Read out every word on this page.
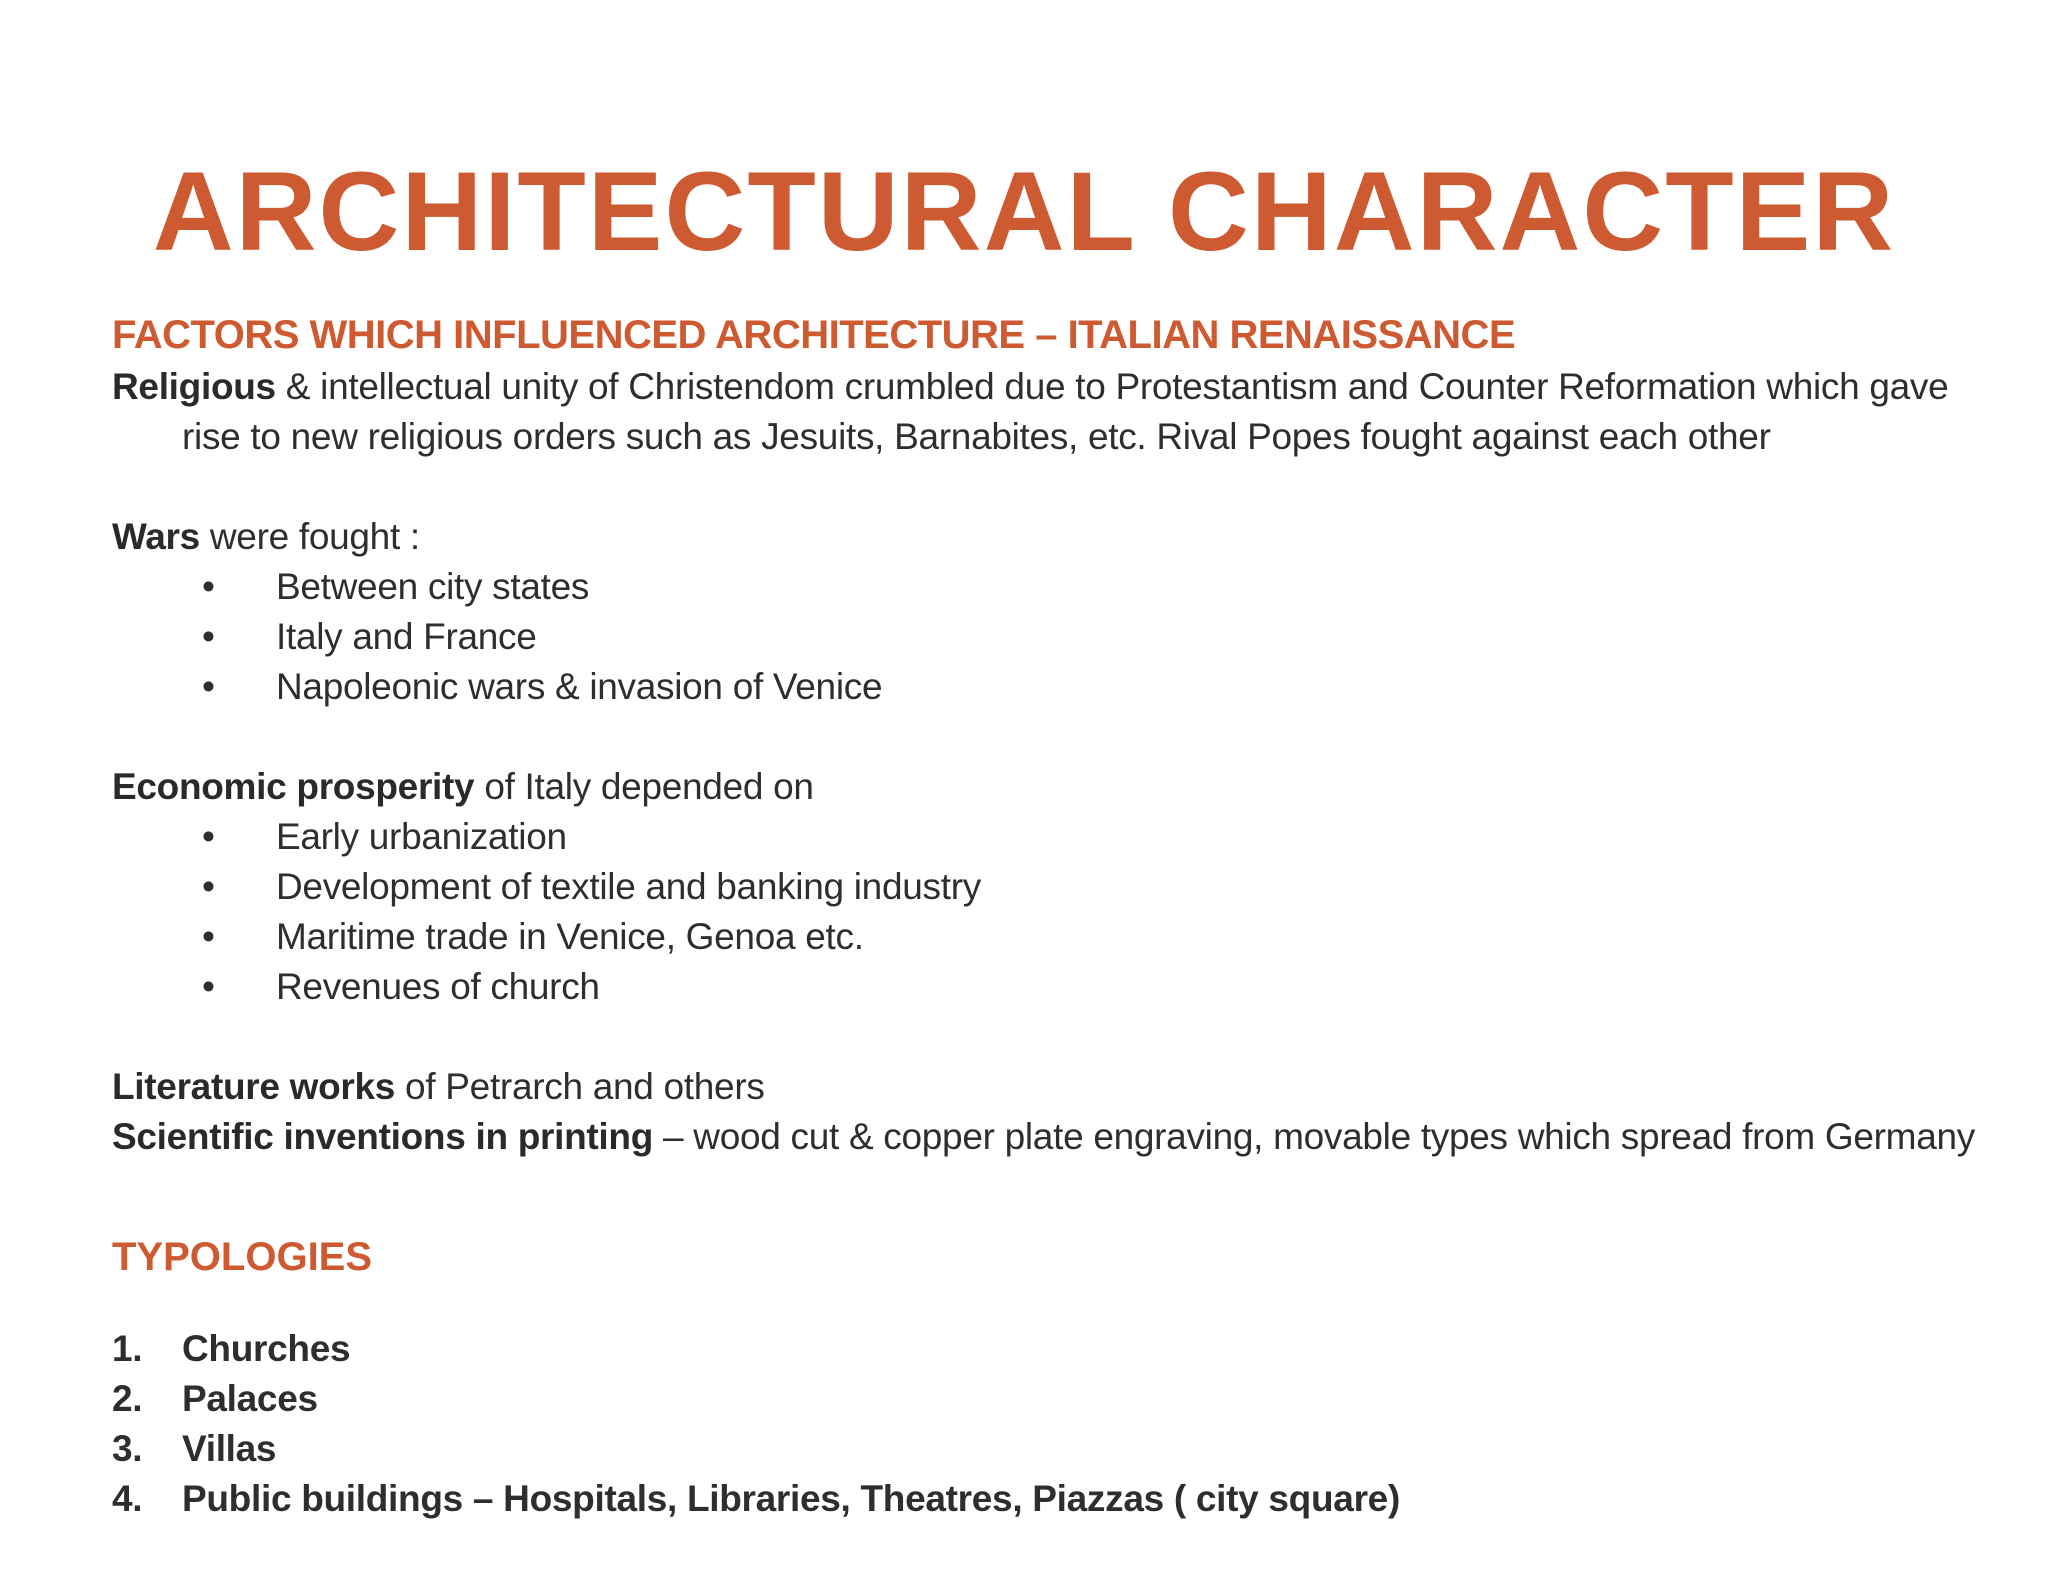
ARCHITECTURAL CHARACTER

FACTORS WHICH INFLUENCED ARCHITECTURE – ITALIAN RENAISSANCE

Religious & intellectual unity of Christendom crumbled due to Protestantism and Counter Reformation which gave rise to new religious orders such as Jesuits, Barnabites, etc. Rival Popes fought against each other

Wars were fought :

• Between city states
• Italy and France
• Napoleonic wars & invasion of Venice

Economic prosperity of Italy depended on

• Early urbanization
• Development of textile and banking industry
• Maritime trade in Venice, Genoa etc.
• Revenues of church

Literature works of Petrarch and others

Scientific inventions in printing – wood cut & copper plate engraving, movable types which spread from Germany

TYPOLOGIES

1. Churches
2. Palaces
3. Villas
4. Public buildings – Hospitals, Libraries, Theatres, Piazzas ( city square)
